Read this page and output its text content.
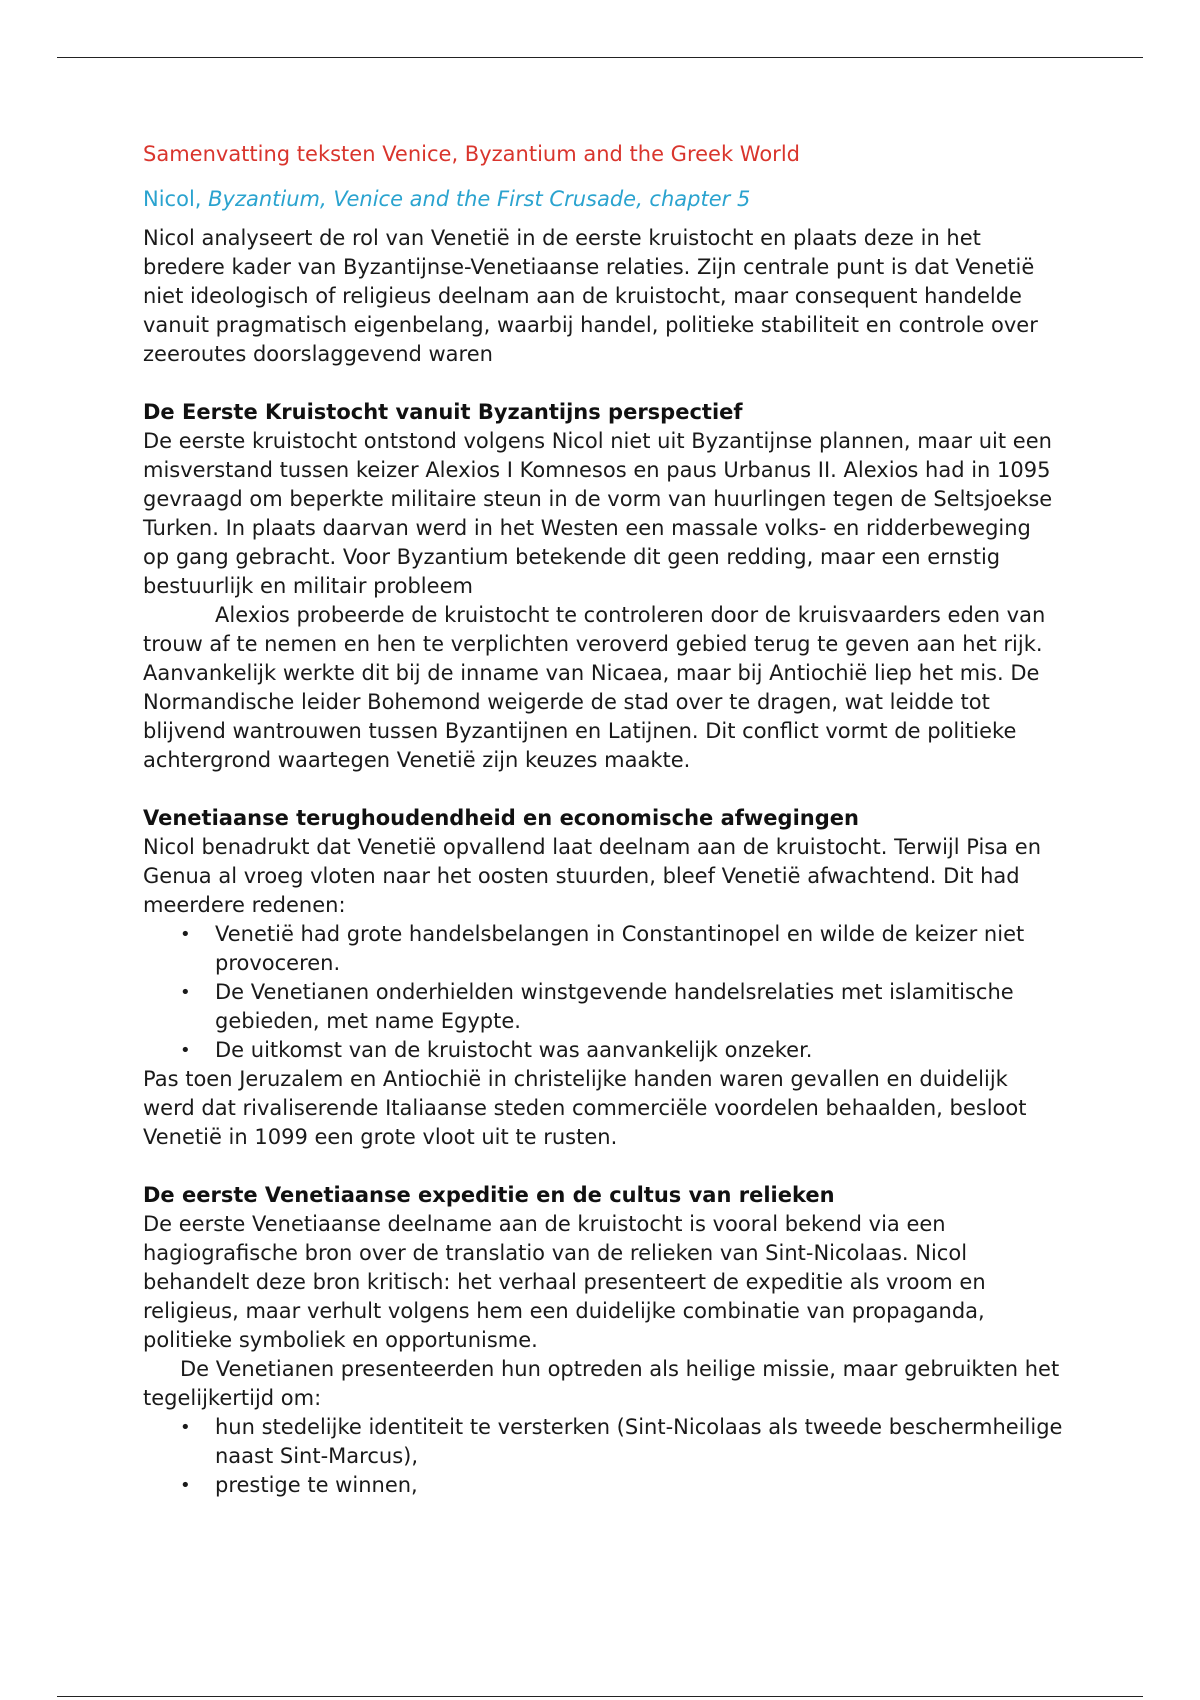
Samenvatting teksten Venice, Byzantium and the Greek World
Nicol, Byzantium, Venice and the First Crusade, chapter 5

Nicol analyseert de rol van Venetië in de eerste kruistocht en plaats deze in het bredere kader van Byzantijnse-Venetiaanse relaties. Zijn centrale punt is dat Venetië niet ideologisch of religieus deelnam aan de kruistocht, maar consequent handelde vanuit pragmatisch eigenbelang, waarbij handel, politieke stabiliteit en controle over zeeroutes doorslaggevend waren

De Eerste Kruistocht vanuit Byzantijns perspectief

De eerste kruistocht ontstond volgens Nicol niet uit Byzantijnse plannen, maar uit een misverstand tussen keizer Alexios I Komnesos en paus Urbanus II. Alexios had in 1095 gevraagd om beperkte militaire steun in de vorm van huurlingen tegen de Seltsjoekse Turken. In plaats daarvan werd in het Westen een massale volks- en ridderbeweging op gang gebracht. Voor Byzantium betekende dit geen redding, maar een ernstig bestuurlijk en militair probleem

Alexios probeerde de kruistocht te controleren door de kruisvaarders eden van trouw af te nemen en hen te verplichten veroverd gebied terug te geven aan het rijk. Aanvankelijk werkte dit bij de inname van Nicaea, maar bij Antiochië liep het mis. De Normandische leider Bohemond weigerde de stad over te dragen, wat leidde tot blijvend wantrouwen tussen Byzantijnen en Latijnen. Dit conflict vormt de politieke achtergrond waartegen Venetië zijn keuzes maakte.

Venetiaanse terughoudendheid en economische afwegingen

Nicol benadrukt dat Venetië opvallend laat deelnam aan de kruistocht. Terwijl Pisa en Genua al vroeg vloten naar het oosten stuurden, bleef Venetië afwachtend. Dit had meerdere redenen:

• Venetië had grote handelsbelangen in Constantinopel en wilde de keizer niet provoceren.
• De Venetianen onderhielden winstgevende handelsrelaties met islamitische gebieden, met name Egypte.
• De uitkomst van de kruistocht was aanvankelijk onzeker.

Pas toen Jeruzalem en Antiochië in christelijke handen waren gevallen en duidelijk werd dat rivaliserende Italiaanse steden commerciële voordelen behaalden, besloot Venetië in 1099 een grote vloot uit te rusten.

De eerste Venetiaanse expeditie en de cultus van relieken

De eerste Venetiaanse deelname aan de kruistocht is vooral bekend via een hagiografische bron over de translatio van de relieken van Sint-Nicolaas. Nicol behandelt deze bron kritisch: het verhaal presenteert de expeditie als vroom en religieus, maar verhult volgens hem een duidelijke combinatie van propaganda, politieke symboliek en opportunisme.

De Venetianen presenteerden hun optreden als heilige missie, maar gebruikten het tegelijkertijd om:

• hun stedelijke identiteit te versterken (Sint-Nicolaas als tweede beschermheilige naast Sint-Marcus),
• prestige te winnen,
